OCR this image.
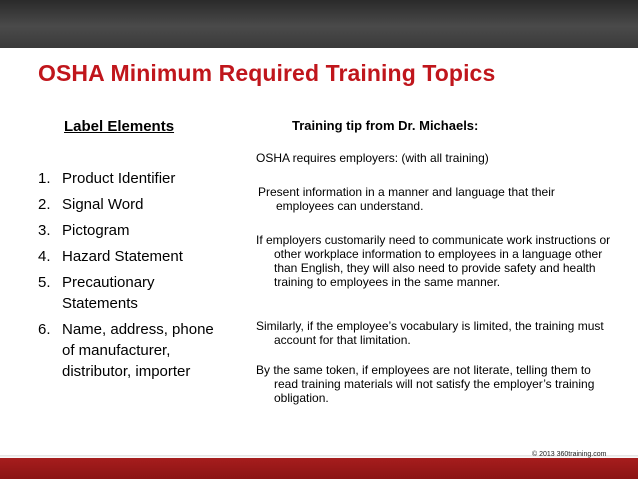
OSHA Minimum Required Training Topics
Label Elements
1. Product Identifier
2. Signal Word
3. Pictogram
4. Hazard Statement
5. Precautionary Statements
6. Name, address, phone of manufacturer, distributor, importer
Training tip from Dr. Michaels:

OSHA requires employers: (with all training)

Present information in a manner and language that their employees can understand.

If employers customarily need to communicate work instructions or other workplace information to employees in a language other than English, they will also need to provide safety and health training to employees in the same manner.

Similarly, if the employee’s vocabulary is limited, the training must account for that limitation.

By the same token, if employees are not literate, telling them to read training materials will not satisfy the employer’s training obligation.
